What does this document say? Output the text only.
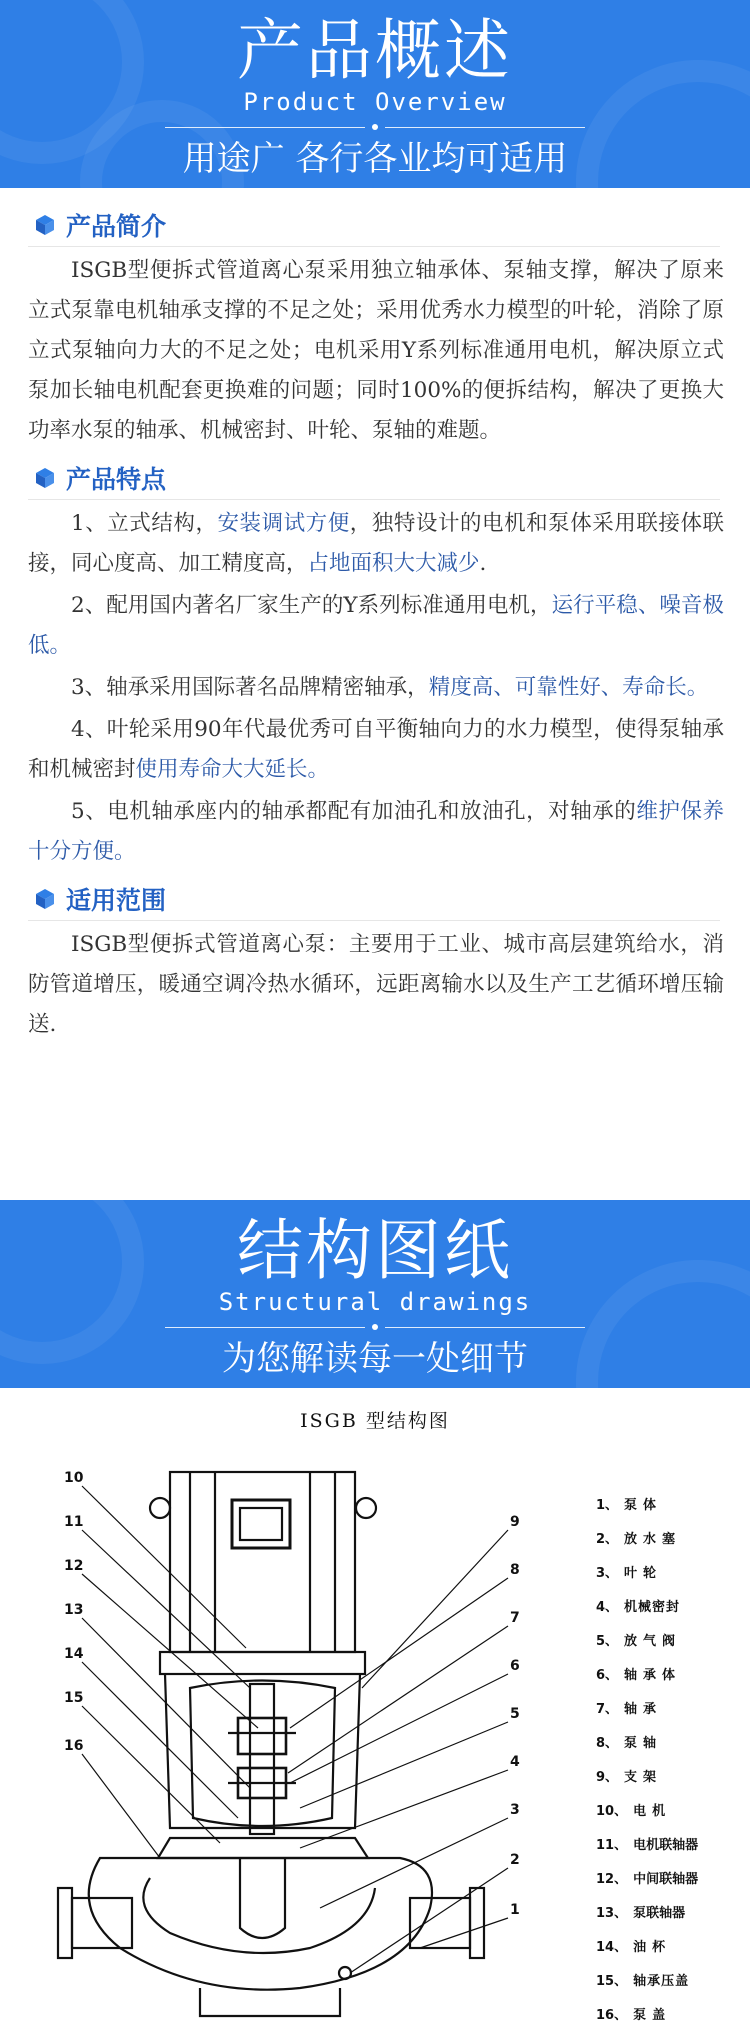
产品概述
Product Overview
用途广 各行各业均可适用
产品简介

ISGB型便拆式管道离心泵采用独立轴承体、泵轴支撑，解决了原来立式泵靠电机轴承支撑的不足之处；采用优秀水力模型的叶轮，消除了原立式泵轴向力大的不足之处；电机采用Y系列标准通用电机，解决原立式泵加长轴电机配套更换难的问题；同时100%的便拆结构，解决了更换大功率水泵的轴承、机械密封、叶轮、泵轴的难题。

产品特点

1、立式结构，安装调试方便，独特设计的电机和泵体采用联接体联接，同心度高、加工精度高，占地面积大大减少.

2、配用国内著名厂家生产的Y系列标准通用电机，运行平稳、噪音极低。

3、轴承采用国际著名品牌精密轴承，精度高、可靠性好、寿命长。

4、叶轮采用90年代最优秀可自平衡轴向力的水力模型，使得泵轴承和机械密封使用寿命大大延长。

5、电机轴承座内的轴承都配有加油孔和放油孔，对轴承的维护保养十分方便。

适用范围

ISGB型便拆式管道离心泵：主要用于工业、城市高层建筑给水，消防管道增压，暖通空调冷热水循环，远距离输水以及生产工艺循环增压输送.

结构图纸
Structural drawings
为您解读每一处细节
ISGB 型结构图
10
11
12
13
14
15
16
9
8
7
6
5
4
3
2
1
1、 泵体
2、 放水塞
3、 叶轮
4、 机械密封
5、 放气阀
6、 轴承体
7、 轴承
8、 泵轴
9、 支架
10、 电机
11、 电机联轴器
12、 中间联轴器
13、 泵联轴器
14、 油杯
15、 轴承压盖
16、 泵盖
